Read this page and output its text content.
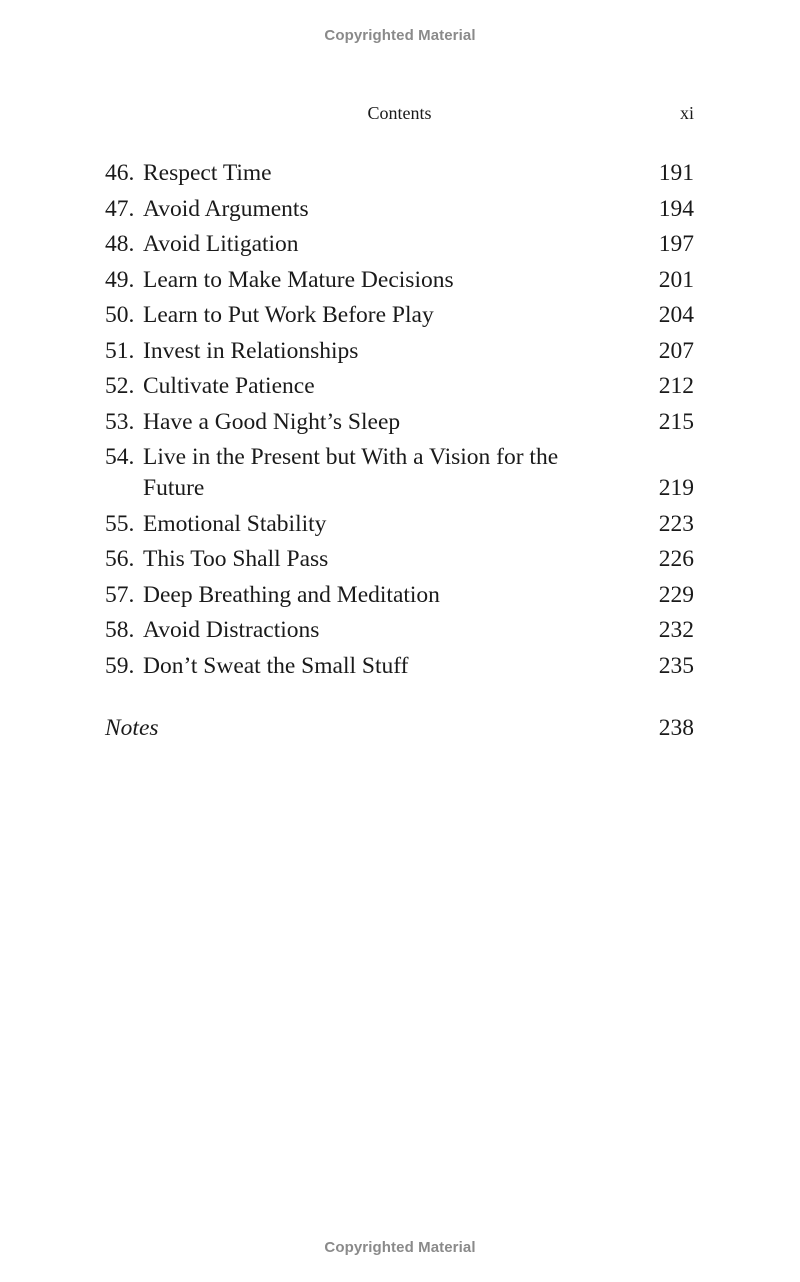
Copyrighted Material
Contents	xi
46. Respect Time	191
47. Avoid Arguments	194
48. Avoid Litigation	197
49. Learn to Make Mature Decisions	201
50. Learn to Put Work Before Play	204
51. Invest in Relationships	207
52. Cultivate Patience	212
53. Have a Good Night’s Sleep	215
54. Live in the Present but With a Vision for the Future	219
55. Emotional Stability	223
56. This Too Shall Pass	226
57. Deep Breathing and Meditation	229
58. Avoid Distractions	232
59. Don’t Sweat the Small Stuff	235
Notes	238
Copyrighted Material
